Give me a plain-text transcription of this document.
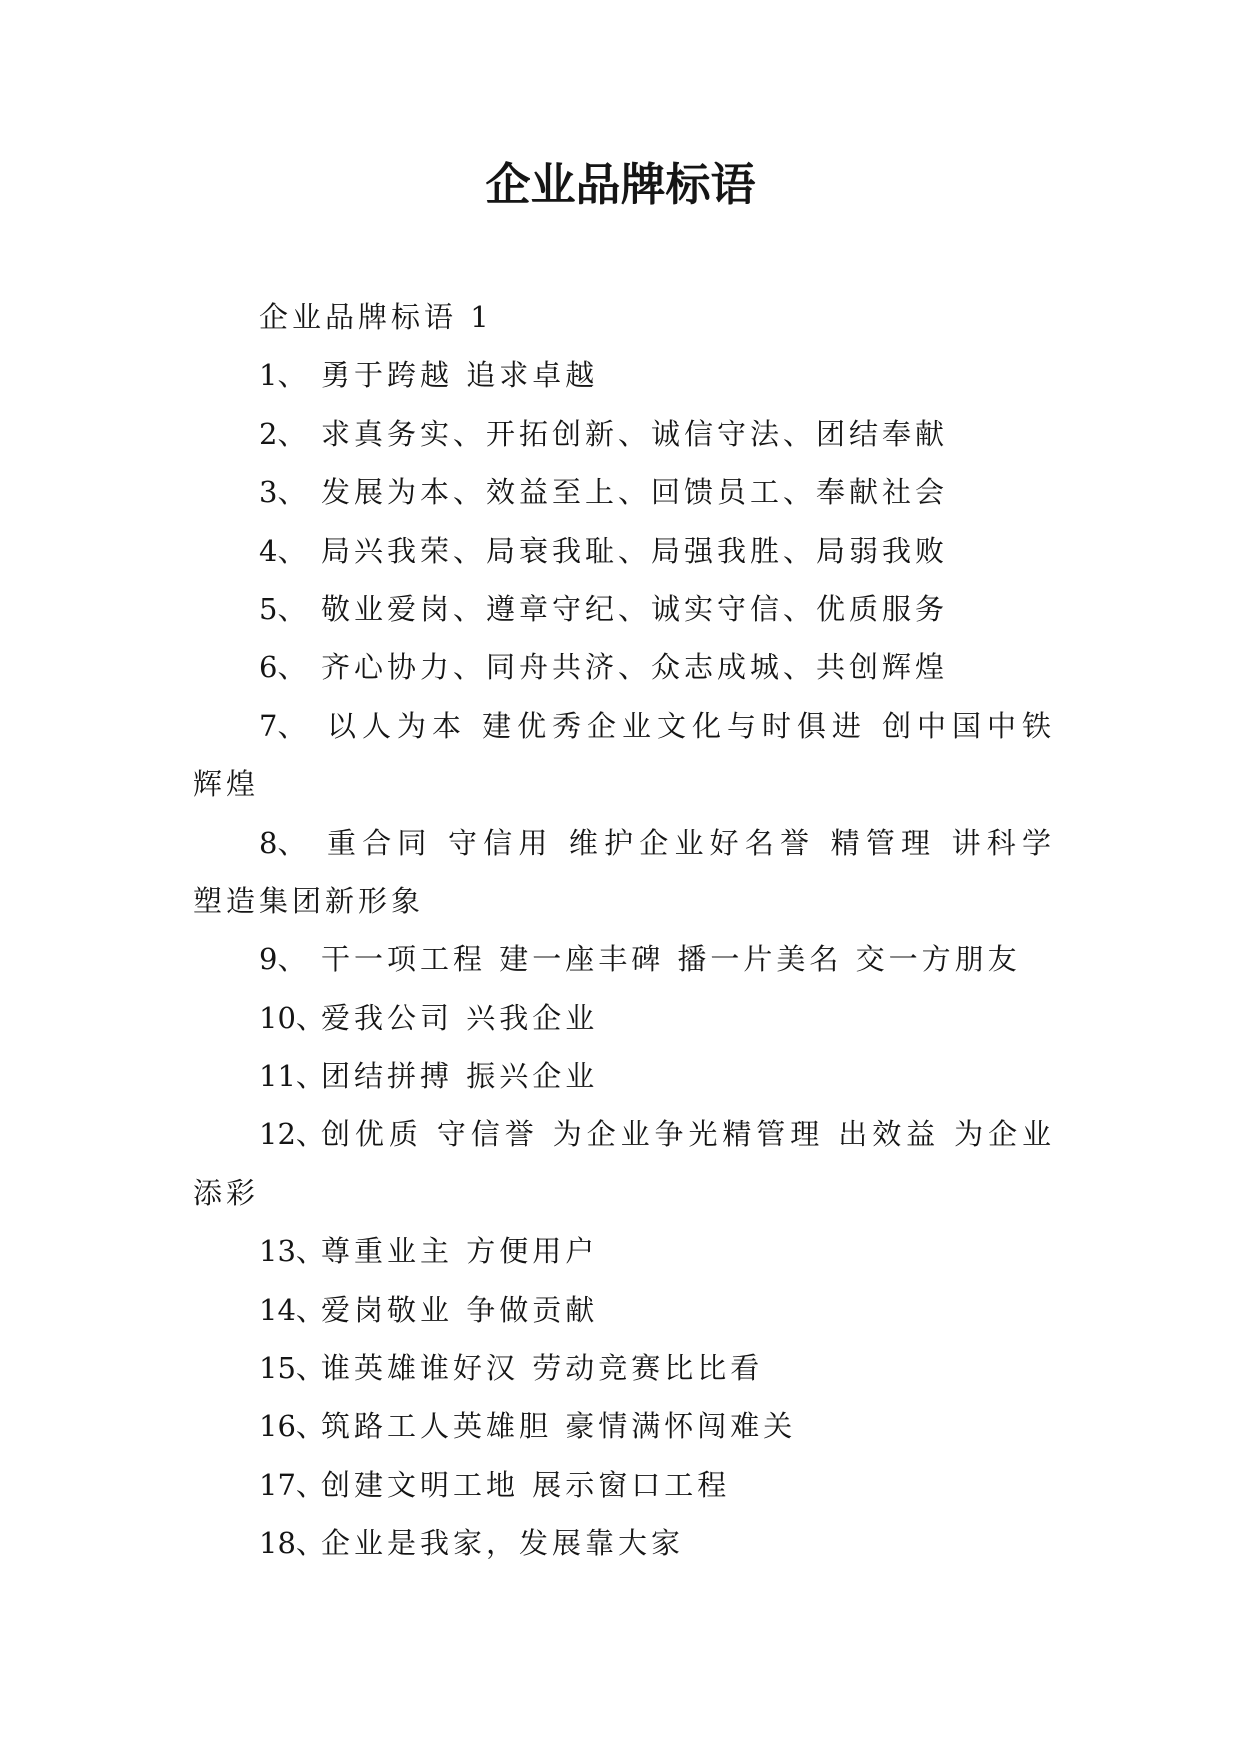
企业品牌标语
企业品牌标语 1
1、 勇于跨越 追求卓越
2、 求真务实、开拓创新、诚信守法、团结奉献
3、 发展为本、效益至上、回馈员工、奉献社会
4、 局兴我荣、局衰我耻、局强我胜、局弱我败
5、 敬业爱岗、遵章守纪、诚实守信、优质服务
6、 齐心协力、同舟共济、众志成城、共创辉煌
7、 以人为本 建优秀企业文化与时俱进 创中国中铁
辉煌
8、 重合同 守信用 维护企业好名誉 精管理 讲科学
塑造集团新形象
9、 干一项工程 建一座丰碑 播一片美名 交一方朋友
10、
爱我公司 兴我企业
11、
团结拼搏 振兴企业
12、
创优质 守信誉 为企业争光精管理 出效益 为企业
添彩
13、
尊重业主 方便用户
14、
爱岗敬业 争做贡献
15、
谁英雄谁好汉 劳动竞赛比比看
16、
筑路工人英雄胆 豪情满怀闯难关
17、
创建文明工地 展示窗口工程
18、
企业是我家，发展靠大家
